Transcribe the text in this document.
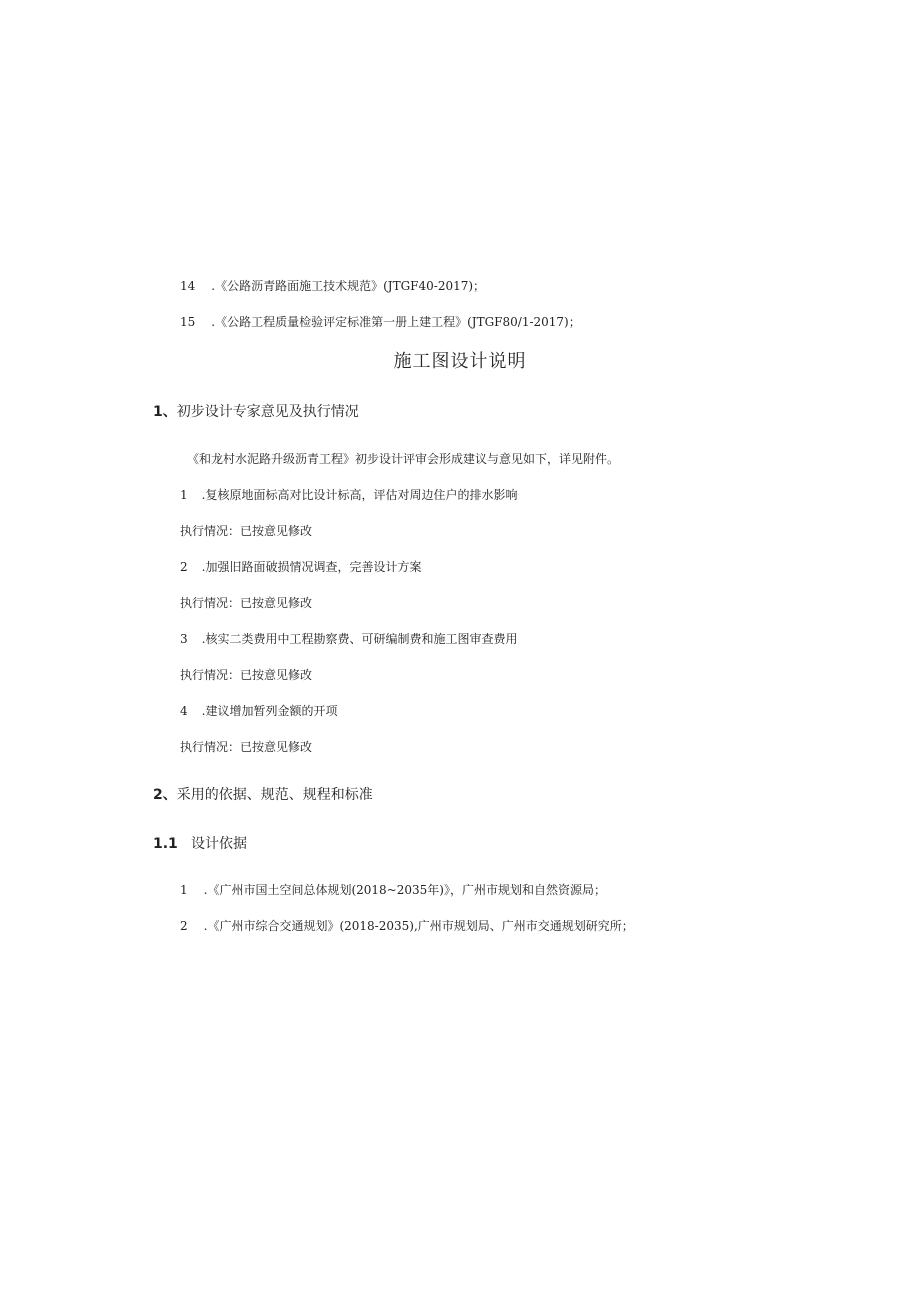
14 .《公路沥青路面施工技术规范》(JTGF40-2017)；
15 .《公路工程质量检验评定标准第一册上建工程》(JTGF80/1-2017)；
施工图设计说明
1、初步设计专家意见及执行情况
《和龙村水泥路升级沥青工程》初步设计评审会形成建议与意见如下，详见附件。
1 .复核原地面标高对比设计标高，评估对周边住户的排水影响
执行情况：已按意见修改
2 .加强旧路面破损情况调查，完善设计方案
执行情况：已按意见修改
3 .核实二类费用中工程勘察费、可研编制费和施工图审查费用
执行情况：已按意见修改
4 .建议增加暂列金额的开项
执行情况：已按意见修改
2、采用的依据、规范、规程和标准
1.1 设计依据
1 .《广州市国土空间总体规划(2018~2035年)》，广州市规划和自然资源局；
2 .《广州市综合交通规划》(2018-2035),广州市规划局、广州市交通规划研究所；
